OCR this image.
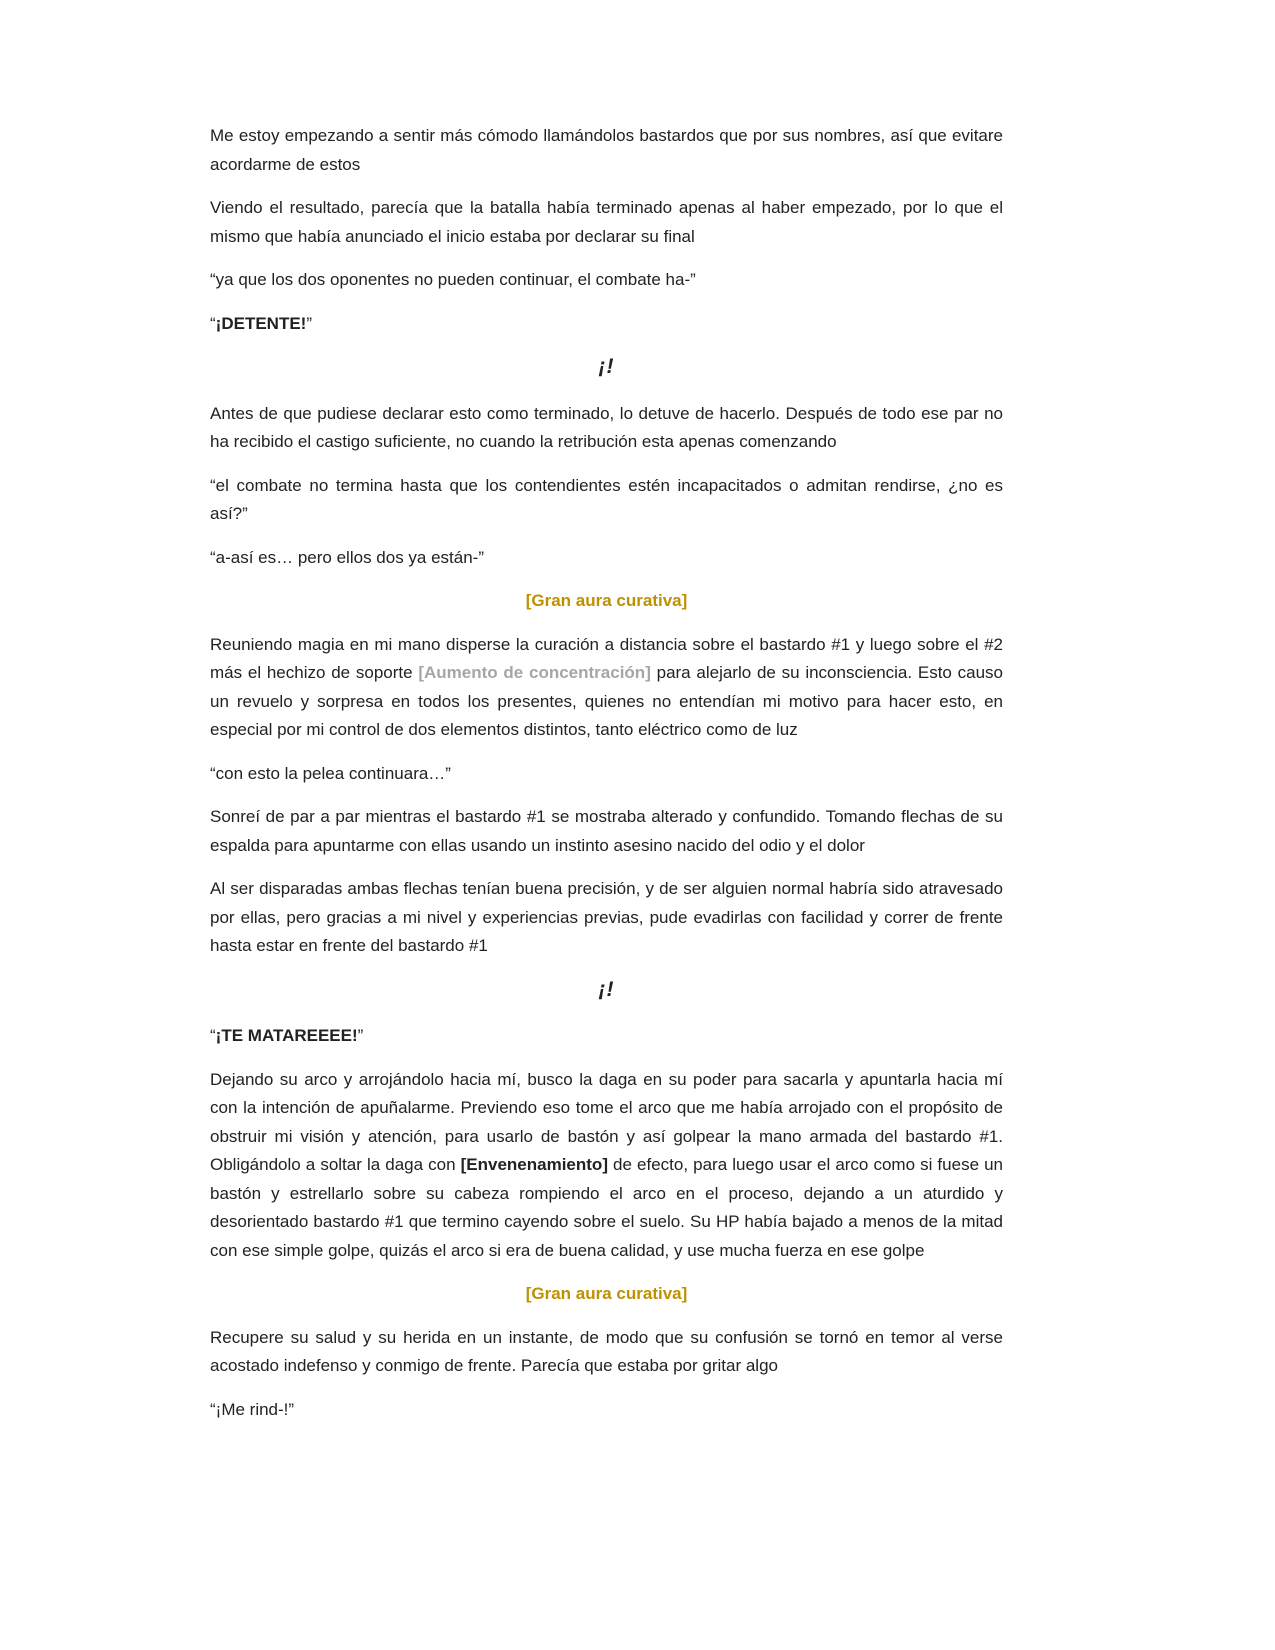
Me estoy empezando a sentir más cómodo llamándolos bastardos que por sus nombres, así que evitare acordarme de estos

Viendo el resultado, parecía que la batalla había terminado apenas al haber empezado, por lo que el mismo que había anunciado el inicio estaba por declarar su final

“ya que los dos oponentes no pueden continuar, el combate ha-”

“¡DETENTE!”

¡!

Antes de que pudiese declarar esto como terminado, lo detuve de hacerlo. Después de todo ese par no ha recibido el castigo suficiente, no cuando la retribución esta apenas comenzando

“el combate no termina hasta que los contendientes estén incapacitados o admitan rendirse, ¿no es así?”

“a-así es… pero ellos dos ya están-”

[Gran aura curativa]

Reuniendo magia en mi mano disperse la curación a distancia sobre el bastardo #1 y luego sobre el #2 más el hechizo de soporte [Aumento de concentración] para alejarlo de su inconsciencia. Esto causo un revuelo y sorpresa en todos los presentes, quienes no entendían mi motivo para hacer esto, en especial por mi control de dos elementos distintos, tanto eléctrico como de luz

“con esto la pelea continuara…”

Sonreí de par a par mientras el bastardo #1 se mostraba alterado y confundido. Tomando flechas de su espalda para apuntarme con ellas usando un instinto asesino nacido del odio y el dolor

Al ser disparadas ambas flechas tenían buena precisión, y de ser alguien normal habría sido atravesado por ellas, pero gracias a mi nivel y experiencias previas, pude evadirlas con facilidad y correr de frente hasta estar en frente del bastardo #1

¡!

“¡TE MATAREEEE!”

Dejando su arco y arrojándolo hacia mí, busco la daga en su poder para sacarla y apuntarla hacia mí con la intención de apuñalarme. Previendo eso tome el arco que me había arrojado con el propósito de obstruir mi visión y atención, para usarlo de bastón y así golpear la mano armada del bastardo #1. Obligándolo a soltar la daga con [Envenenamiento] de efecto, para luego usar el arco como si fuese un bastón y estrellarlo sobre su cabeza rompiendo el arco en el proceso, dejando a un aturdido y desorientado bastardo #1 que termino cayendo sobre el suelo. Su HP había bajado a menos de la mitad con ese simple golpe, quizás el arco si era de buena calidad, y use mucha fuerza en ese golpe

[Gran aura curativa]

Recupere su salud y su herida en un instante, de modo que su confusión se tornó en temor al verse acostado indefenso y conmigo de frente. Parecía que estaba por gritar algo

“¡Me rind-!”
